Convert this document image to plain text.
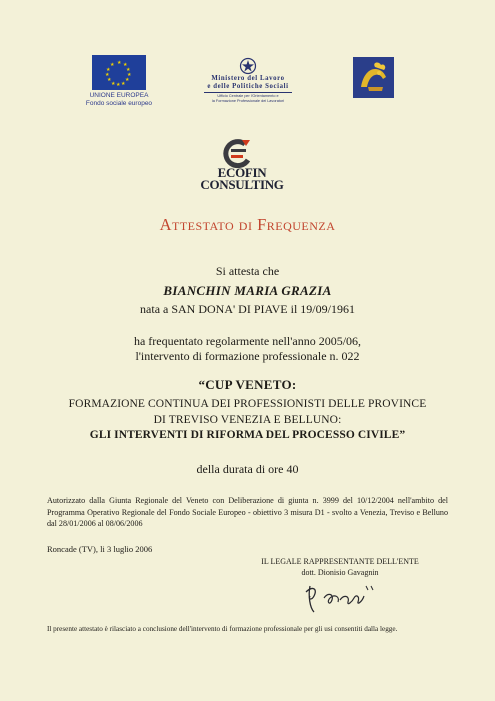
★ ★
★
★
★
★
★
★
★
★
★
★
UNIONE EUROPEA
Fondo sociale europeo
Ministero del Lavoro
e delle Politiche Sociali
Ufficio Centrale per l'Orientamento e
la Formazione Professionale dei Lavoratori
ECOFIN
CONSULTING
Attestato di Frequenza
Si attesta che
BIANCHIN MARIA GRAZIA
nata a SAN DONA' DI PIAVE il 19/09/1961
ha frequentato regolarmente nell'anno 2005/06,
l'intervento di formazione professionale n. 022
“CUP VENETO:
FORMAZIONE CONTINUA DEI PROFESSIONISTI DELLE PROVINCE
DI TREVISO VENEZIA E BELLUNO:
GLI INTERVENTI DI RIFORMA DEL PROCESSO CIVILE”
della durata di ore 40
Autorizzato dalla Giunta Regionale del Veneto con Deliberazione di giunta n. 3999 del 10/12/2004 nell'ambito del Programma Operativo Regionale del Fondo Sociale Europeo - obiettivo 3 misura D1 - svolto a Venezia, Treviso e Belluno dal 28/01/2006 al 08/06/2006
Roncade (TV), li 3 luglio 2006
IL LEGALE RAPPRESENTANTE DELL'ENTE
dott. Dionisio Gavagnin
Il presente attestato è rilasciato a conclusione dell'intervento di formazione professionale per gli usi consentiti dalla legge.
